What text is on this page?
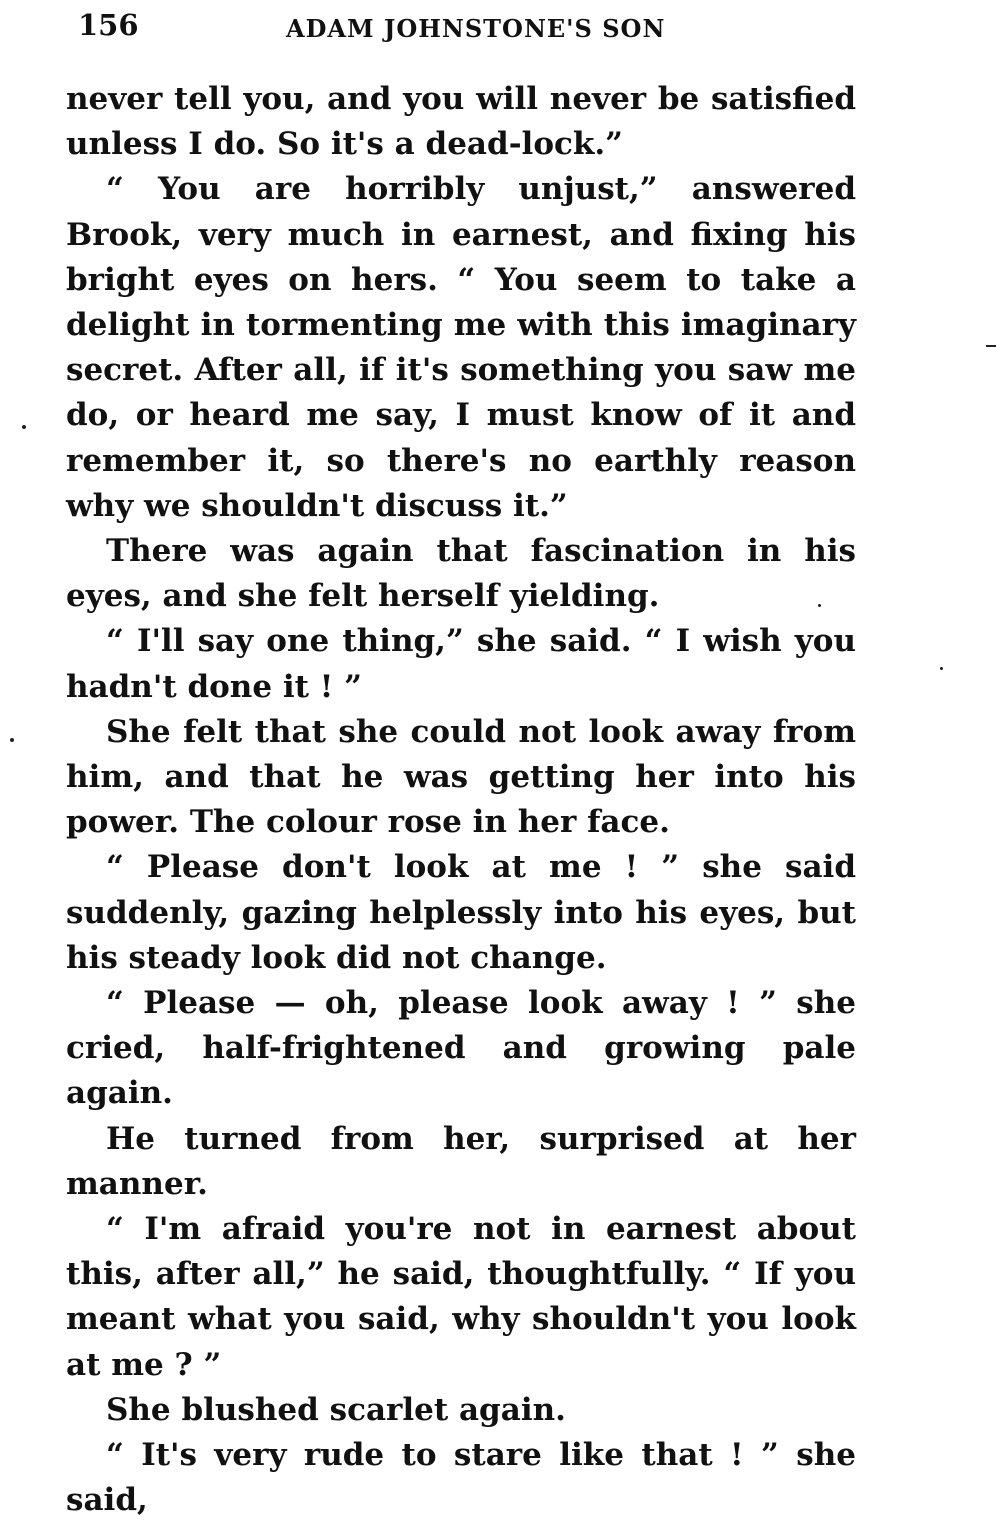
156	ADAM JOHNSTONE'S SON

never tell you, and you will never be satisfied unless I do. So it's a dead-lock.”

“ You are horribly unjust,” answered Brook, very much in earnest, and fixing his bright eyes on hers. “ You seem to take a delight in tormenting me with this imaginary secret. After all, if it's something you saw me do, or heard me say, I must know of it and remember it, so there's no earthly reason why we shouldn't discuss it.”

There was again that fascination in his eyes, and she felt herself yielding.

“ I'll say one thing,” she said. “ I wish you hadn't done it ! ”

She felt that she could not look away from him, and that he was getting her into his power. The colour rose in her face.

“ Please don't look at me ! ” she said suddenly, gazing helplessly into his eyes, but his steady look did not change.

“ Please — oh, please look away ! ” she cried, half-frightened and growing pale again.

He turned from her, surprised at her manner.

“ I'm afraid you're not in earnest about this, after all,” he said, thoughtfully. “ If you meant what you said, why shouldn't you look at me ? ”

She blushed scarlet again.

“ It's very rude to stare like that ! ” she said,
